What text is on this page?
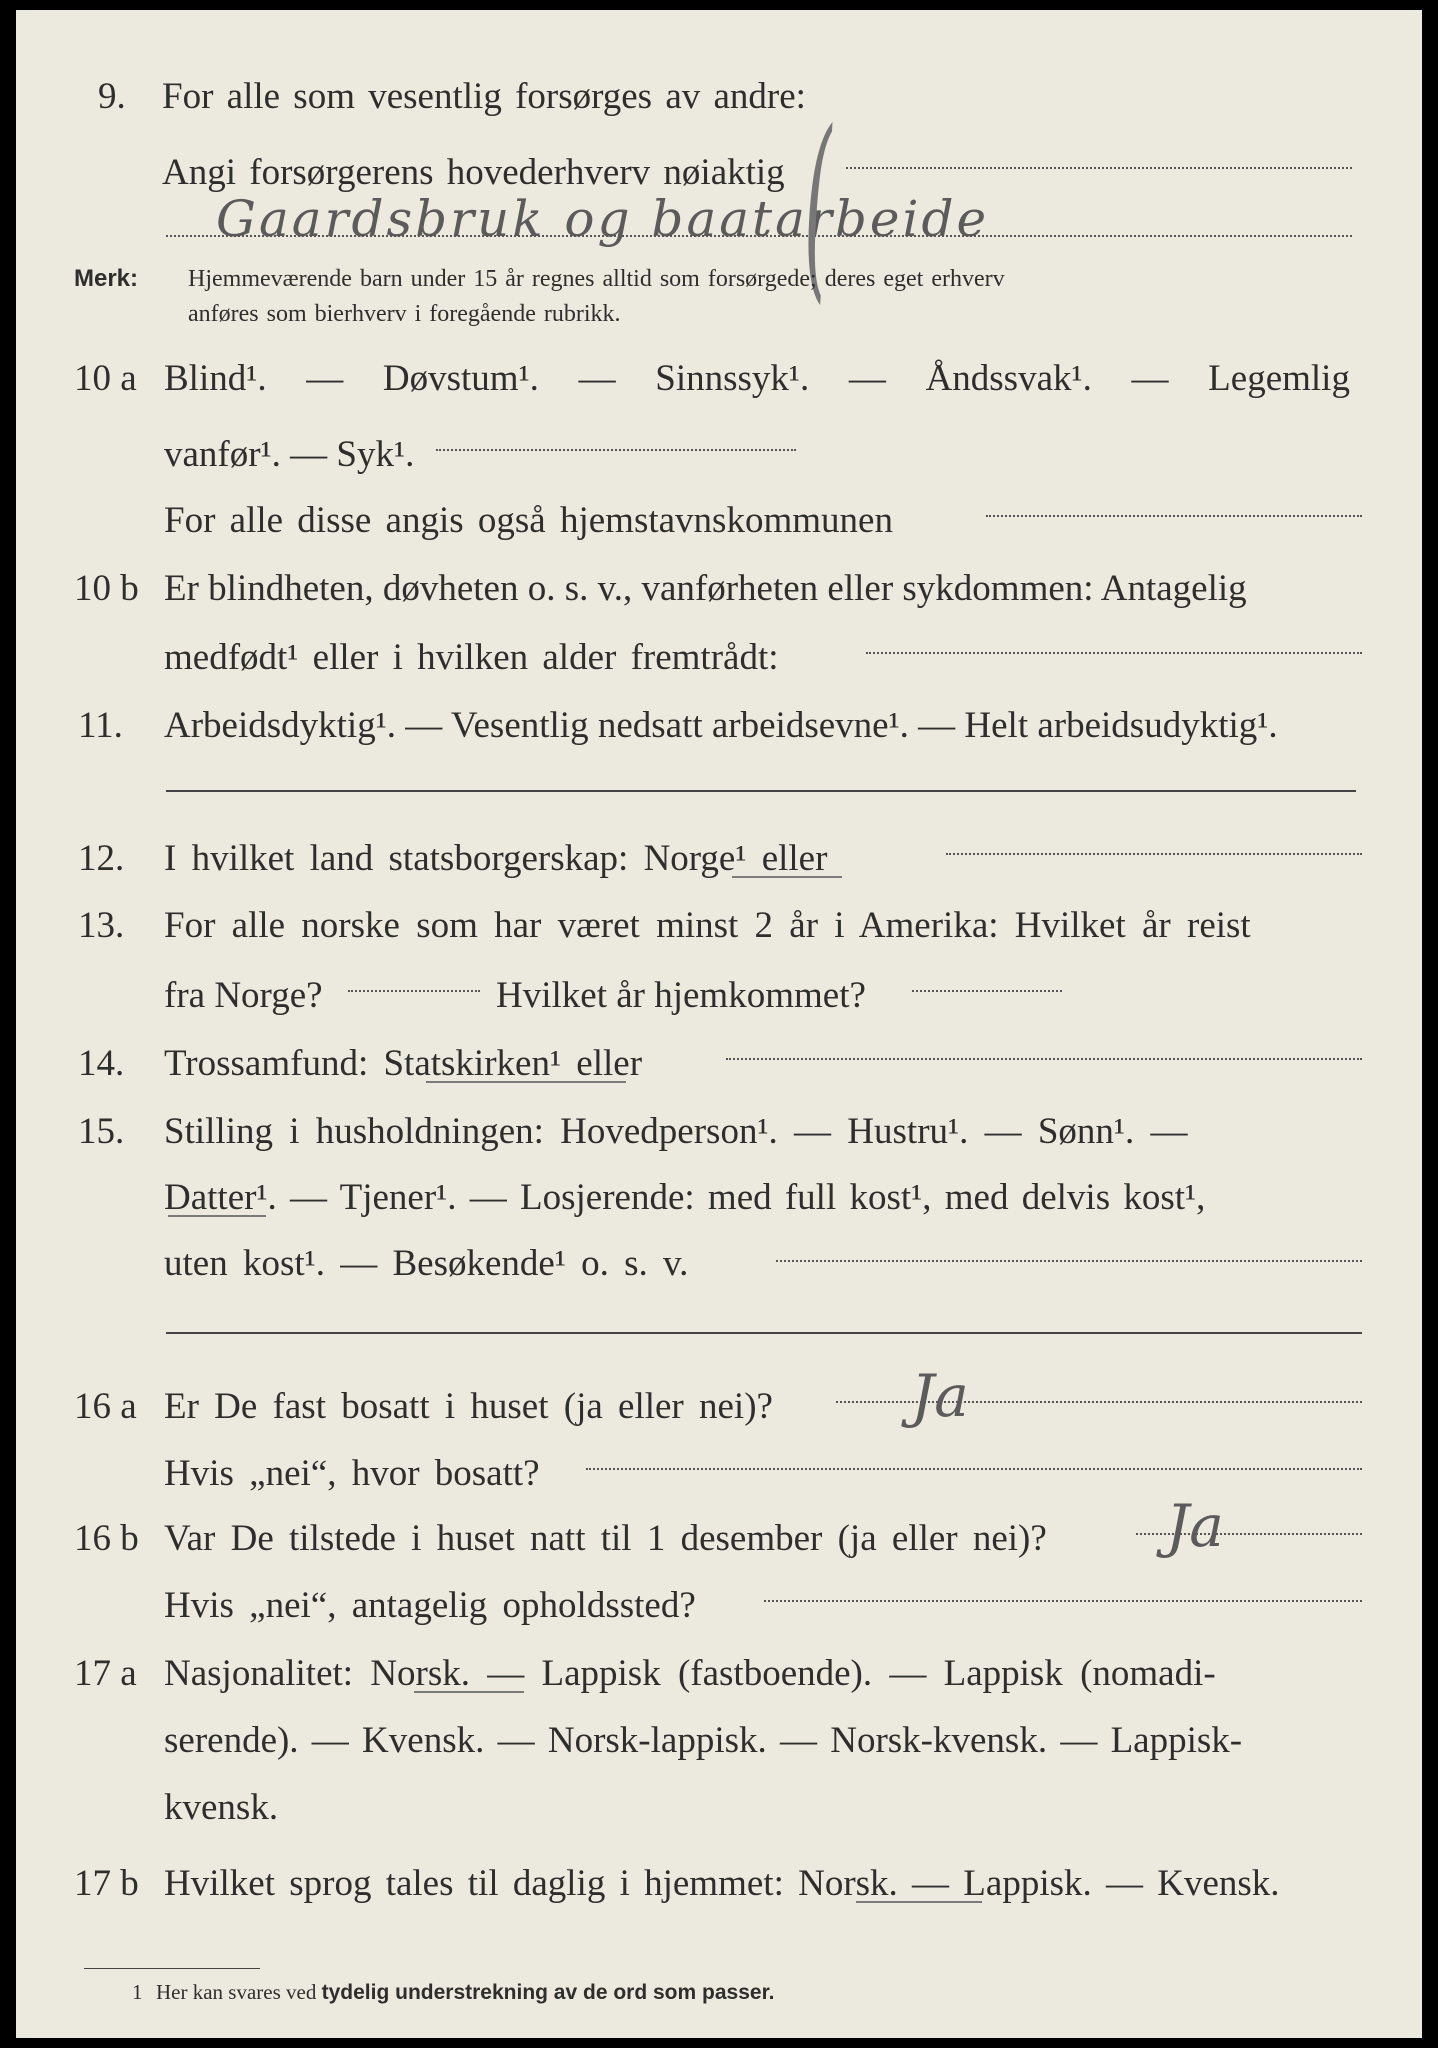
9. For alle som vesentlig forsørges av andre:
Angi forsørgerens hovederhverv nøiaktig
Gaardsbruk og baatarbeide
(
Merk: Hjemmeværende barn under 15 år regnes alltid som forsørgede; deres eget erhverv
anføres som bierhverv i foregående rubrikk.
10 a Blind¹. — Døvstum¹. — Sinnssyk¹. — Åndssvak¹. — Legemlig
vanfør¹. — Syk¹.
For alle disse angis også hjemstavnskommunen
10 b Er blindheten, døvheten o. s. v., vanførheten eller sykdommen: Antagelig
medfødt¹ eller i hvilken alder fremtrådt:
11. Arbeidsdyktig¹. — Vesentlig nedsatt arbeidsevne¹. — Helt arbeidsudyktig¹.
12. I hvilket land statsborgerskap: Norge¹ eller
13. For alle norske som har været minst 2 år i Amerika: Hvilket år reist
fra Norge?	Hvilket år hjemkommet?
14. Trossamfund: Statskirken¹ eller
15. Stilling i husholdningen: Hovedperson¹. — Hustru¹. — Sønn¹. —
Datter¹. — Tjener¹. — Losjerende: med full kost¹, med delvis kost¹,
uten kost¹. — Besøkende¹ o. s. v.
16 a Er De fast bosatt i huset (ja eller nei)? Ja
Hvis „nei“, hvor bosatt?
16 b Var De tilstede i huset natt til 1 desember (ja eller nei)? Ja
Hvis „nei“, antagelig opholdssted?
17 a Nasjonalitet: Norsk. — Lappisk (fastboende). — Lappisk (nomadi-
serende). — Kvensk. — Norsk-lappisk. — Norsk-kvensk. — Lappisk-
kvensk.
17 b Hvilket sprog tales til daglig i hjemmet: Norsk. — Lappisk. — Kvensk.
1 Her kan svares ved tydelig understrekning av de ord som passer.
